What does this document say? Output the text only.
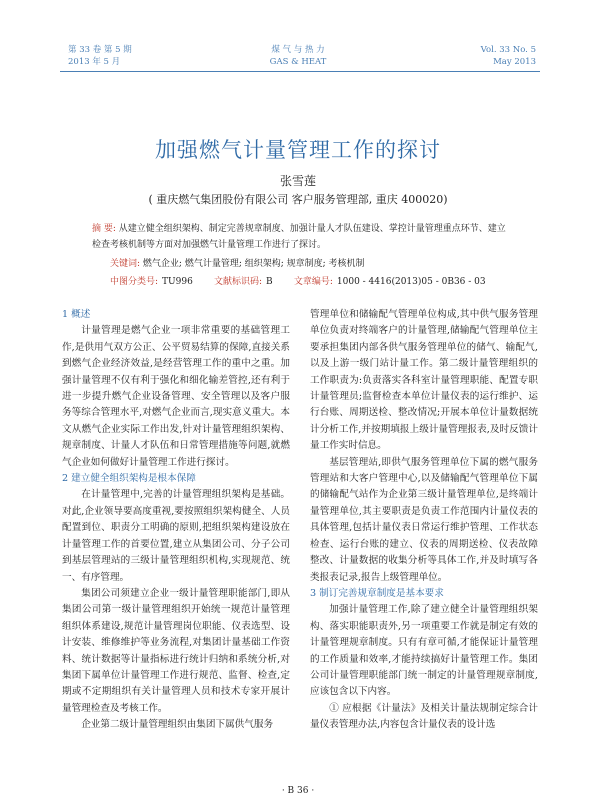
第 33 卷 第 5 期
2013 年 5 月
煤 气 与 热 力
GAS & HEAT
Vol. 33 No. 5
May 2013
加强燃气计量管理工作的探讨
张雪莲
( 重庆燃气集团股份有限公司 客户服务管理部, 重庆 400020)
摘 要: 从建立健全组织架构、制定完善规章制度、加强计量人才队伍建设、掌控计量管理重点环节、建立检查考核机制等方面对加强燃气计量管理工作进行了探讨。
关键词: 燃气企业; 燃气计量管理; 组织架构; 规章制度; 考核机制
中图分类号: TU996 文献标识码: B 文章编号: 1000 - 4416(2013)05 - 0B36 - 03

1 概述

计量管理是燃气企业一项非常重要的基础管理工作,是供用气双方公正、公平贸易结算的保障,直接关系到燃气企业经济效益,是经营管理工作的重中之重。加强计量管理不仅有利于强化和细化输差管控,还有利于进一步提升燃气企业设备管理、安全管理以及客户服务等综合管理水平,对燃气企业而言,现实意义重大。本文从燃气企业实际工作出发,针对计量管理组织架构、规章制度、计量人才队伍和日常管理措施等问题,就燃气企业如何做好计量管理工作进行探讨。

2 建立健全组织架构是根本保障

在计量管理中,完善的计量管理组织架构是基础。对此,企业领导要高度重视,要按照组织架构健全、人员配置到位、职责分工明确的原则,把组织架构建设放在计量管理工作的首要位置,建立从集团公司、分子公司到基层管理站的三级计量管理组织机构,实现规范、统一、有序管理。

集团公司须建立企业一级计量管理职能部门,即从集团公司第一级计量管理组织开始统一规范计量管理组织体系建设,规范计量管理岗位职能、仪表选型、设计安装、维修维护等业务流程,对集团计量基础工作资料、统计数据等计量指标进行统计归纳和系统分析,对集团下属单位计量管理工作进行规范、监督、检查,定期或不定期组织有关计量管理人员和技术专家开展计量管理检查及考核工作。

企业第二级计量管理组织由集团下属供气服务

管理单位和储输配气管理单位构成,其中供气服务管理单位负责对终端客户的计量管理,储输配气管理单位主要承担集团内部各供气服务管理单位的储气、输配气,以及上游一级门站计量工作。第二级计量管理组织的工作职责为:负责落实各科室计量管理职能、配置专职计量管理员;监督检查本单位计量仪表的运行维护、运行台账、周期送检、整改情况;开展本单位计量数据统计分析工作,并按期填报上级计量管理报表,及时反馈计量工作实时信息。

基层管理站,即供气服务管理单位下属的燃气服务管理站和大客户管理中心,以及储输配气管理单位下属的储输配气站作为企业第三级计量管理单位,是终端计量管理单位,其主要职责是负责工作范围内计量仪表的具体管理,包括计量仪表日常运行维护管理、工作状态检查、运行台账的建立、仪表的周期送检、仪表故障整改、计量数据的收集分析等具体工作,并及时填写各类报表记录,报告上级管理单位。

3 制订完善规章制度是基本要求

加强计量管理工作,除了建立健全计量管理组织架构、落实职能职责外,另一项重要工作就是制定有效的计量管理规章制度。只有有章可循,才能保证计量管理的工作质量和效率,才能持续搞好计量管理工作。集团公司计量管理职能部门统一制定的计量管理规章制度,应该包含以下内容。

① 应根据《计量法》及相关计量法规制定综合计量仪表管理办法,内容包含计量仪表的设计选

· B 36 ·
